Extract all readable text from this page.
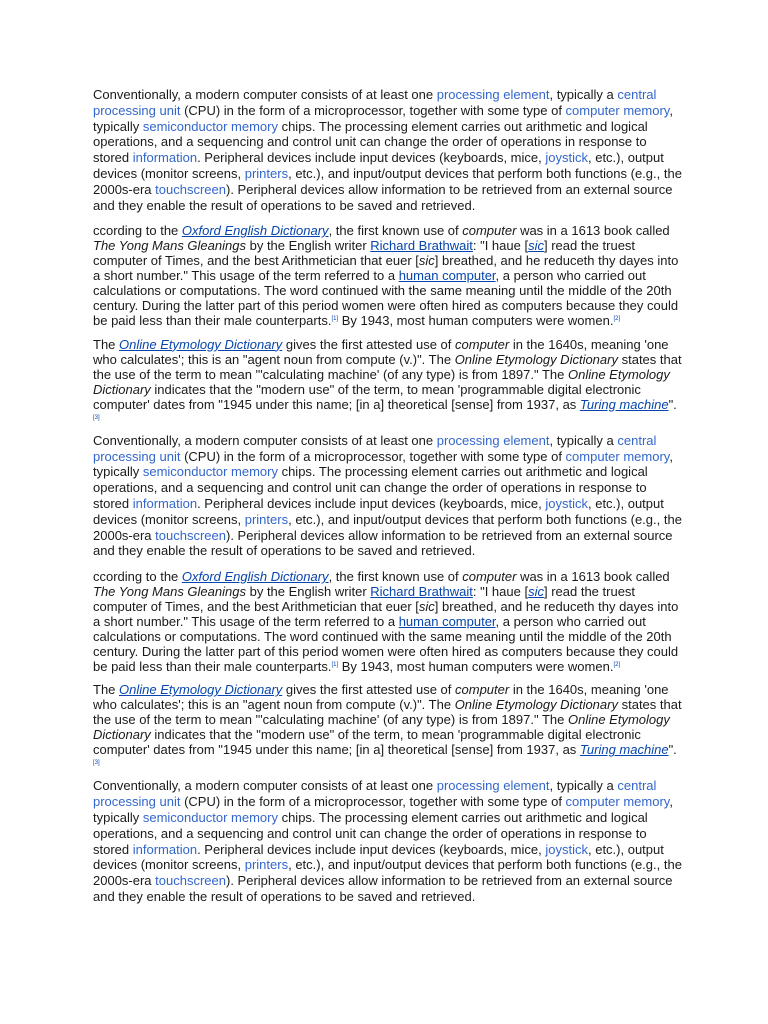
Conventionally, a modern computer consists of at least one processing element, typically a central processing unit (CPU) in the form of a microprocessor, together with some type of computer memory, typically semiconductor memory chips. The processing element carries out arithmetic and logical operations, and a sequencing and control unit can change the order of operations in response to stored information. Peripheral devices include input devices (keyboards, mice, joystick, etc.), output devices (monitor screens, printers, etc.), and input/output devices that perform both functions (e.g., the 2000s-era touchscreen). Peripheral devices allow information to be retrieved from an external source and they enable the result of operations to be saved and retrieved.

ccording to the Oxford English Dictionary, the first known use of computer was in a 1613 book called The Yong Mans Gleanings by the English writer Richard Brathwait: "I haue [sic] read the truest computer of Times, and the best Arithmetician that euer [sic] breathed, and he reduceth thy dayes into a short number." This usage of the term referred to a human computer, a person who carried out calculations or computations. The word continued with the same meaning until the middle of the 20th century. During the latter part of this period women were often hired as computers because they could be paid less than their male counterparts.[1] By 1943, most human computers were women.[2]

The Online Etymology Dictionary gives the first attested use of computer in the 1640s, meaning 'one who calculates'; this is an "agent noun from compute (v.)". The Online Etymology Dictionary states that the use of the term to mean "'calculating machine' (of any type) is from 1897." The Online Etymology Dictionary indicates that the "modern use" of the term, to mean 'programmable digital electronic computer' dates from "1945 under this name; [in a] theoretical [sense] from 1937, as Turing machine".[3]

Conventionally, a modern computer consists of at least one processing element, typically a central processing unit (CPU) in the form of a microprocessor, together with some type of computer memory, typically semiconductor memory chips. The processing element carries out arithmetic and logical operations, and a sequencing and control unit can change the order of operations in response to stored information. Peripheral devices include input devices (keyboards, mice, joystick, etc.), output devices (monitor screens, printers, etc.), and input/output devices that perform both functions (e.g., the 2000s-era touchscreen). Peripheral devices allow information to be retrieved from an external source and they enable the result of operations to be saved and retrieved.

ccording to the Oxford English Dictionary, the first known use of computer was in a 1613 book called The Yong Mans Gleanings by the English writer Richard Brathwait: "I haue [sic] read the truest computer of Times, and the best Arithmetician that euer [sic] breathed, and he reduceth thy dayes into a short number." This usage of the term referred to a human computer, a person who carried out calculations or computations. The word continued with the same meaning until the middle of the 20th century. During the latter part of this period women were often hired as computers because they could be paid less than their male counterparts.[1] By 1943, most human computers were women.[2]

The Online Etymology Dictionary gives the first attested use of computer in the 1640s, meaning 'one who calculates'; this is an "agent noun from compute (v.)". The Online Etymology Dictionary states that the use of the term to mean "'calculating machine' (of any type) is from 1897." The Online Etymology Dictionary indicates that the "modern use" of the term, to mean 'programmable digital electronic computer' dates from "1945 under this name; [in a] theoretical [sense] from 1937, as Turing machine".[3]

Conventionally, a modern computer consists of at least one processing element, typically a central processing unit (CPU) in the form of a microprocessor, together with some type of computer memory, typically semiconductor memory chips. The processing element carries out arithmetic and logical operations, and a sequencing and control unit can change the order of operations in response to stored information. Peripheral devices include input devices (keyboards, mice, joystick, etc.), output devices (monitor screens, printers, etc.), and input/output devices that perform both functions (e.g., the 2000s-era touchscreen). Peripheral devices allow information to be retrieved from an external source and they enable the result of operations to be saved and retrieved.
